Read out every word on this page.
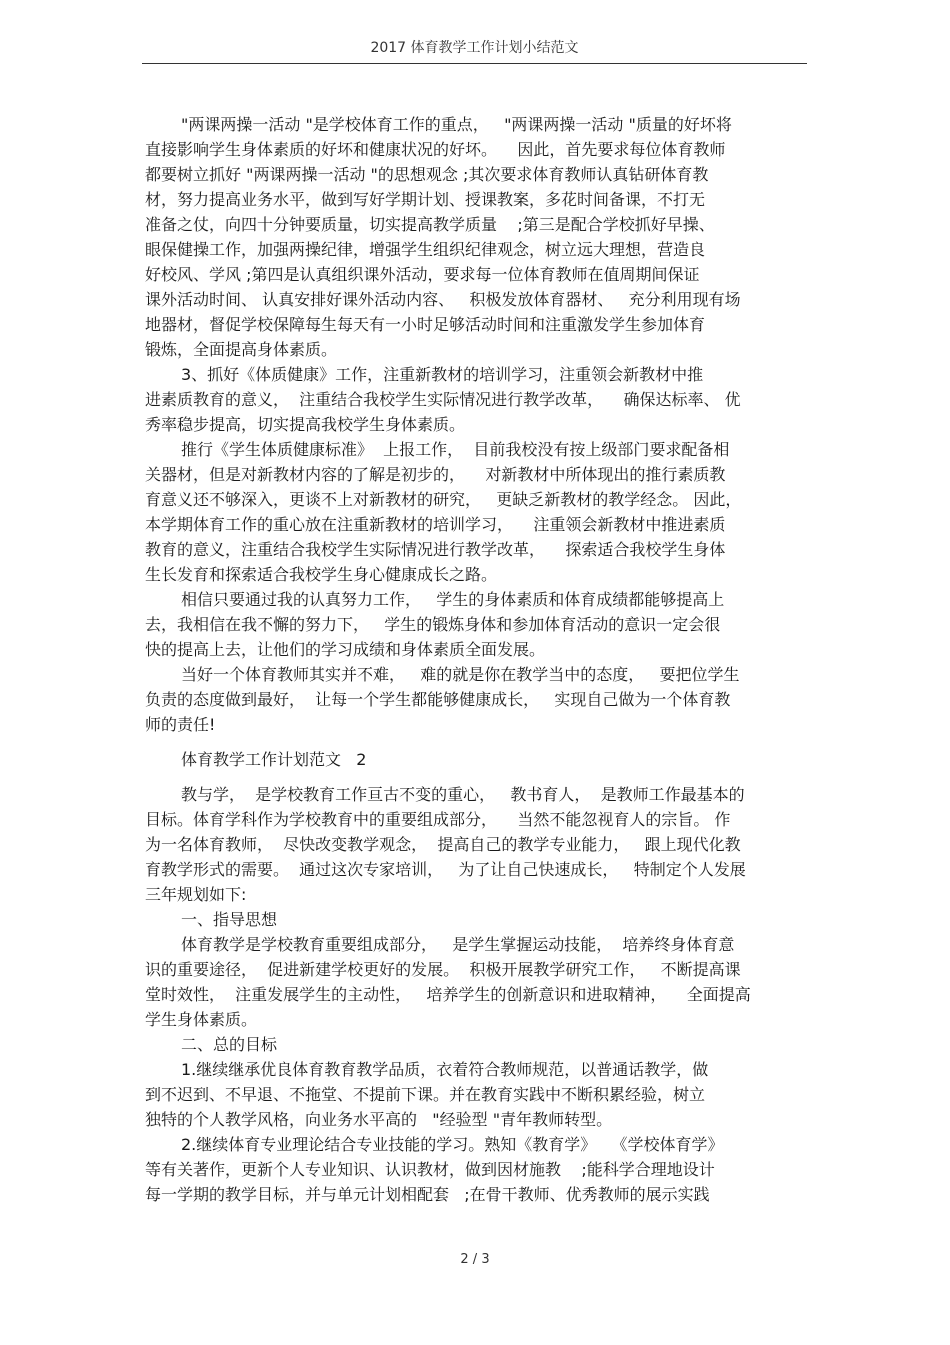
2017 体育教学工作计划小结范文
"两课两操一活动 "是学校体育工作的重点，   "两课两操一活动 "质量的好坏将
直接影响学生身体素质的好坏和健康状况的好坏。    因此，首先要求每位体育教师
都要树立抓好 "两课两操一活动 "的思想观念 ;其次要求体育教师认真钻研体育教
材，努力提高业务水平，做到写好学期计划、授课教案，多花时间备课，不打无
准备之仗，向四十分钟要质量，切实提高教学质量    ;第三是配合学校抓好早操、
眼保健操工作，加强两操纪律，增强学生组织纪律观念，树立远大理想，营造良
好校风、学风 ;第四是认真组织课外活动，要求每一位体育教师在值周期间保证
课外活动时间、 认真安排好课外活动内容、   积极发放体育器材、   充分利用现有场
地器材，督促学校保障每生每天有一小时足够活动时间和注重激发学生参加体育
锻炼，全面提高身体素质。
3、抓好《体质健康》工作，注重新教材的培训学习，注重领会新教材中推
进素质教育的意义，  注重结合我校学生实际情况进行教学改革，    确保达标率、 优
秀率稳步提高，切实提高我校学生身体素质。
推行《学生体质健康标准》  上报工作，  目前我校没有按上级部门要求配备相
关器材，但是对新教材内容的了解是初步的，    对新教材中所体现出的推行素质教
育意义还不够深入，更谈不上对新教材的研究，   更缺乏新教材的教学经念。 因此，
本学期体育工作的重心放在注重新教材的培训学习，    注重领会新教材中推进素质
教育的意义，注重结合我校学生实际情况进行教学改革，    探索适合我校学生身体
生长发育和探索适合我校学生身心健康成长之路。
相信只要通过我的认真努力工作，   学生的身体素质和体育成绩都能够提高上
去，我相信在我不懈的努力下，   学生的锻炼身体和参加体育活动的意识一定会很
快的提高上去，让他们的学习成绩和身体素质全面发展。
当好一个体育教师其实并不难，   难的就是你在教学当中的态度，   要把位学生
负责的态度做到最好，  让每一个学生都能够健康成长，   实现自己做为一个体育教
师的责任!
体育教学工作计划范文   2
教与学，  是学校教育工作亘古不变的重心，   教书育人，  是教师工作最基本的
目标。体育学科作为学校教育中的重要组成部分，    当然不能忽视育人的宗旨。 作
为一名体育教师，  尽快改变教学观念，  提高自己的教学专业能力，   跟上现代化教
育教学形式的需要。  通过这次专家培训，   为了让自己快速成长，   特制定个人发展
三年规划如下:
一、指导思想
体育教学是学校教育重要组成部分，   是学生掌握运动技能，  培养终身体育意
识的重要途径，  促进新建学校更好的发展。  积极开展教学研究工作，   不断提高课
堂时效性，  注重发展学生的主动性，   培养学生的创新意识和进取精神，    全面提高
学生身体素质。
二、总的目标
1.继续继承优良体育教育教学品质，衣着符合教师规范，以普通话教学，做
到不迟到、不早退、不拖堂、不提前下课。并在教育实践中不断积累经验，树立
独特的个人教学风格，向业务水平高的   "经验型 "青年教师转型。
2.继续体育专业理论结合专业技能的学习。熟知《教育学》   《学校体育学》
等有关著作，更新个人专业知识、认识教材，做到因材施教    ;能科学合理地设计
每一学期的教学目标，并与单元计划相配套   ;在骨干教师、优秀教师的展示实践
2 / 3
